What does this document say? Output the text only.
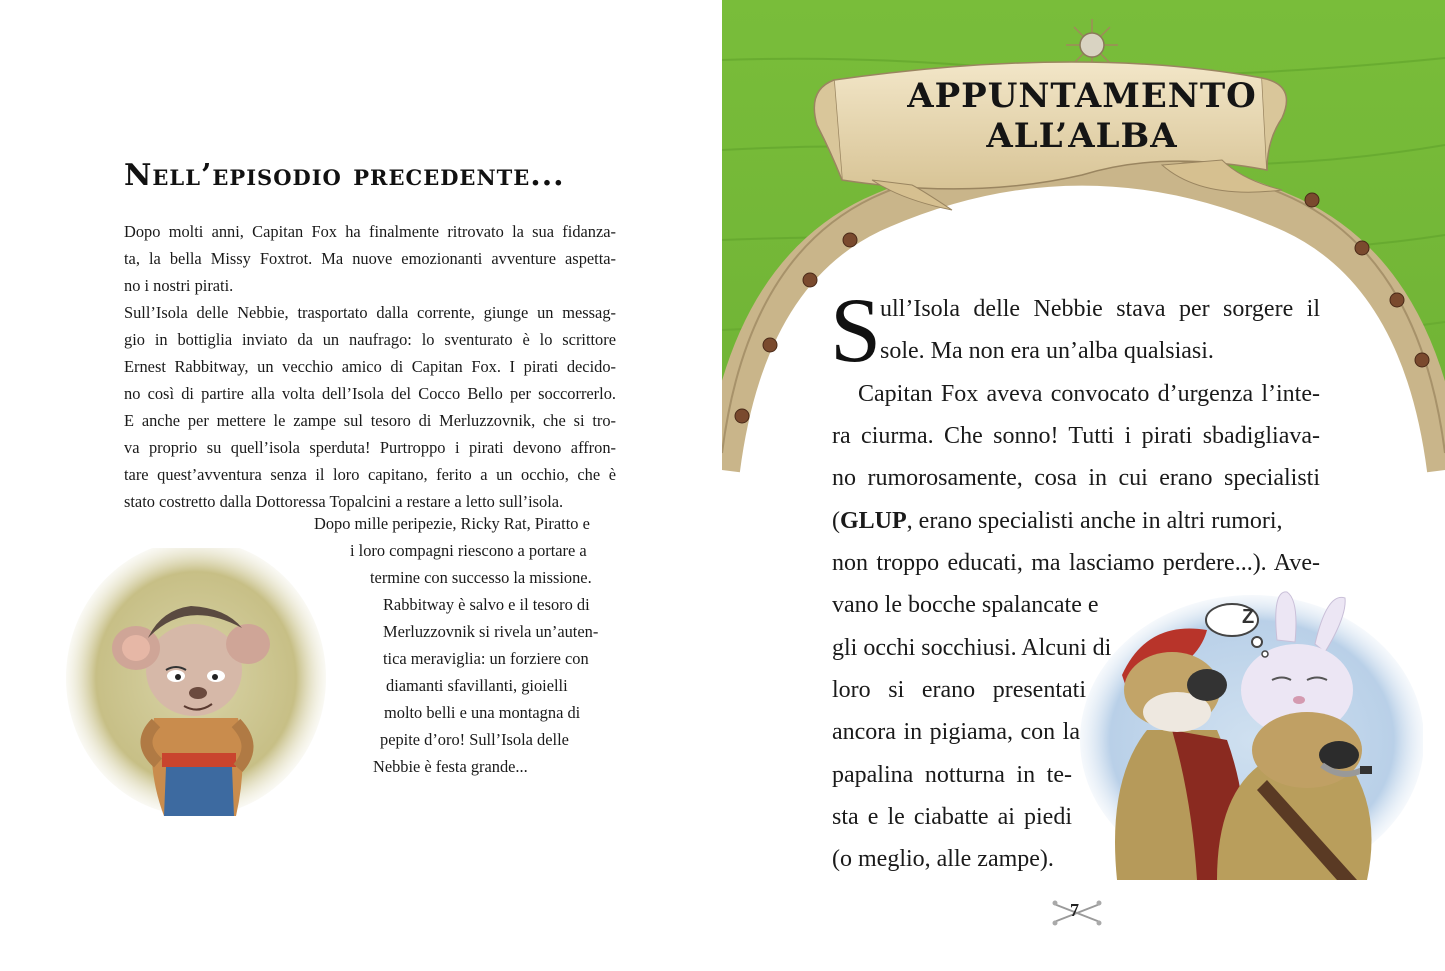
Nell’episodio precedente...

Dopo molti anni, Capitan Fox ha finalmente ritrovato la sua fidanza-

ta, la bella Missy Foxtrot. Ma nuove emozionanti avventure aspetta-

no i nostri pirati.

Sull’Isola delle Nebbie, trasportato dalla corrente, giunge un messag-

gio in bottiglia inviato da un naufrago: lo sventurato è lo scrittore

Ernest Rabbitway, un vecchio amico di Capitan Fox. I pirati decido-

no così di partire alla volta dell’Isola del Cocco Bello per soccorrerlo.

E anche per mettere le zampe sul tesoro di Merluzzovnik, che si tro-

va proprio su quell’isola sperduta! Purtroppo i pirati devono affron-

tare quest’avventura senza il loro capitano, ferito a un occhio, che è

stato costretto dalla Dottoressa Topalcini a restare a letto sull’isola.

Dopo mille peripezie, Ricky Rat, Piratto e
i loro compagni riescono a portare a
termine con successo la missione.
Rabbitway è salvo e il tesoro di
Merluzzovnik si rivela un’auten-
tica meraviglia: un forziere con
diamanti sfavillanti, gioielli
molto belli e una montagna di
pepite d’oro! Sull’Isola delle
Nebbie è festa grande...
APPUNTAMENTO
ALL’ALBA
S
ull’Isola delle Nebbie stava per sorgere il
sole. Ma non era un’alba qualsiasi.
Capitan Fox aveva convocato d’urgenza l’inte-
ra ciurma. Che sonno! Tutti i pirati sbadigliava-
no rumorosamente, cosa in cui erano specialisti
(GLUP, erano specialisti anche in altri rumori,
non troppo educati, ma lasciamo perdere...). Ave-
vano le bocche spalancate e
gli occhi socchiusi. Alcuni di
loro si erano presentati
ancora in pigiama, con la
papalina notturna in te-
sta e le ciabatte ai piedi
(o meglio, alle zampe).
Z
7
